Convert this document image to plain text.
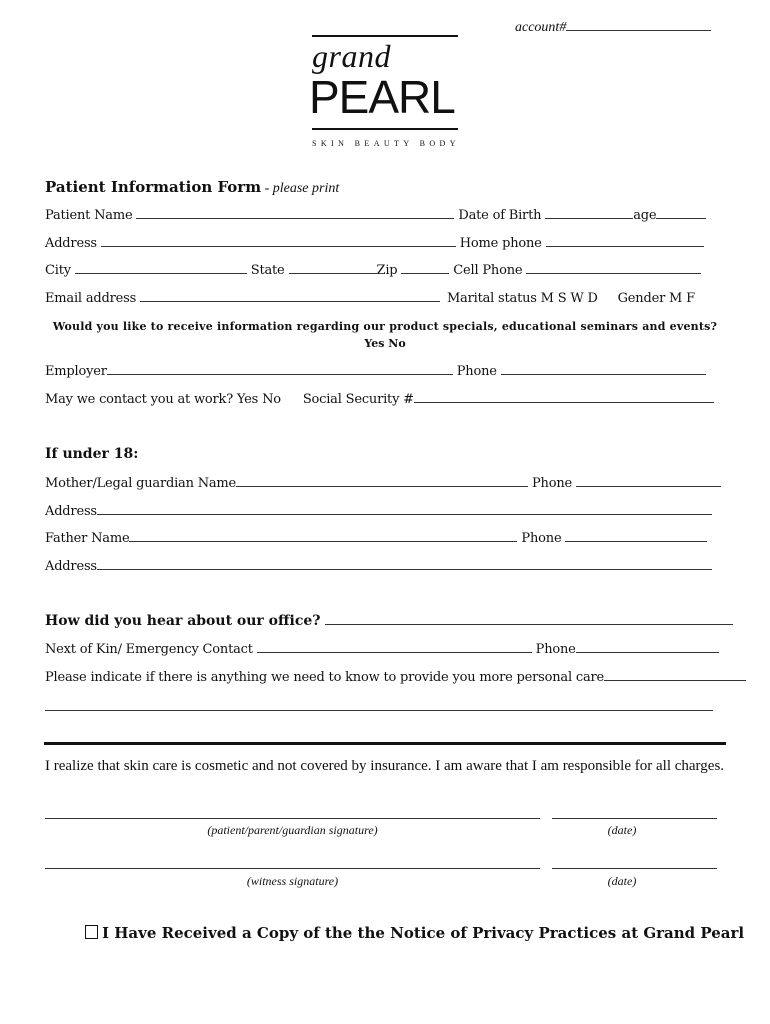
account#
grand
PEARL
SKIN BEAUTY BODY
Patient Information Form - please print
Patient Name	Date of Birth	age
Address	Home phone
City	State	Zip	Cell Phone
Email address	Marital status M S W D Gender M F
Would you like to receive information regarding our product specials, educational seminars and events?
Yes No
Employer	Phone
May we contact you at work? Yes No Social Security #
If under 18:
Mother/Legal guardian Name	Phone
Address
Father Name	Phone
Address
How did you hear about our office?
Next of Kin/ Emergency Contact	Phone
Please indicate if there is anything we need to know to provide you more personal care
I realize that skin care is cosmetic and not covered by insurance. I am aware that I am responsible for all charges.
(patient/parent/guardian signature)	(date)
(witness signature)	(date)
I Have Received a Copy of the the Notice of Privacy Practices at Grand Pearl
